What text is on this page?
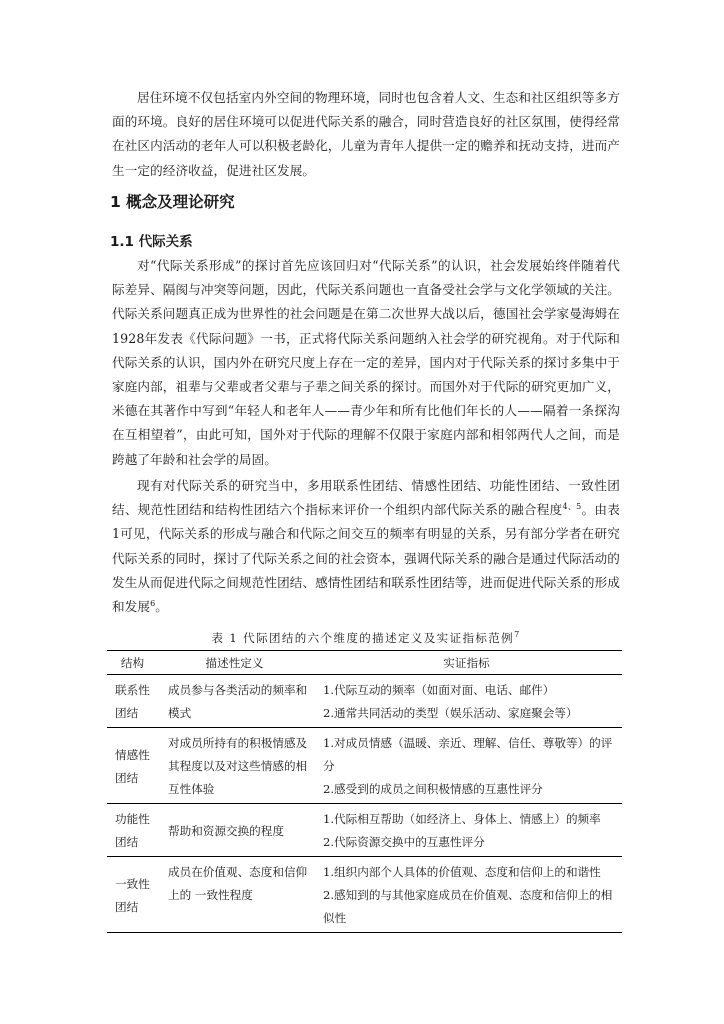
居住环境不仅包括室内外空间的物理环境，同时也包含着人文、生态和社区组织等多方面的环境。良好的居住环境可以促进代际关系的融合，同时营造良好的社区氛围，使得经常在社区内活动的老年人可以积极老龄化，儿童为青年人提供一定的赡养和抚动支持，进而产生一定的经济收益，促进社区发展。

1 概念及理论研究
1.1 代际关系

对“代际关系形成”的探讨首先应该回归对“代际关系”的认识，社会发展始终伴随着代际差异、隔阂与冲突等问题，因此，代际关系问题也一直备受社会学与文化学领域的关注。代际关系问题真正成为世界性的社会问题是在第二次世界大战以后，德国社会学家曼海姆在1928年发表《代际问题》一书，正式将代际关系问题纳入社会学的研究视角。对于代际和代际关系的认识，国内外在研究尺度上存在一定的差异，国内对于代际关系的探讨多集中于家庭内部，祖辈与父辈或者父辈与子辈之间关系的探讨。而国外对于代际的研究更加广义，米德在其著作中写到“年轻人和老年人——青少年和所有比他们年长的人——隔着一条探沟在互相望着”，由此可知，国外对于代际的理解不仅限于家庭内部和相邻两代人之间，而是跨越了年龄和社会学的局固。

现有对代际关系的研究当中，多用联系性团结、情感性团结、功能性团结、一致性团结、规范性团结和结构性团结六个指标来评价一个组织内部代际关系的融合程度$^{4、5}$。由表1可见，代际关系的形成与融合和代际之间交互的频率有明显的关系，另有部分学者在研究代际关系的同时，探讨了代际关系之间的社会资本，强调代际关系的融合是通过代际活动的发生从而促进代际之间规范性团结、感情性团结和联系性团结等，进而促进代际关系的形成和发展$^6$。

表 1 代际团结的六个维度的描述定义及实证指标范例$^7$

结构	描述性定义	实证指标

联系性
团结	成员参与各类活动的频率和模式	1.代际互动的频率（如面对面、电话、邮件）
2.通常共同活动的类型（娱乐活动、家庭聚会等）

情感性
团结	对成员所持有的积极情感及其程度以及对这些情感的相互性体验	1.对成员情感（温暖、亲近、理解、信任、尊敬等）的评分
2.感受到的成员之间积极情感的互惠性评分

功能性
团结	帮助和资源交换的程度	1.代际相互帮助（如经济上、身体上、情感上）的频率
2.代际资源交换中的互惠性评分

一致性
团结	成员在价值观、态度和信仰上的 一致性程度	1.组织内部个人具体的价值观、态度和信仰上的和谐性
2.感知到的与其他家庭成员在价值观、态度和信仰上的相似性
